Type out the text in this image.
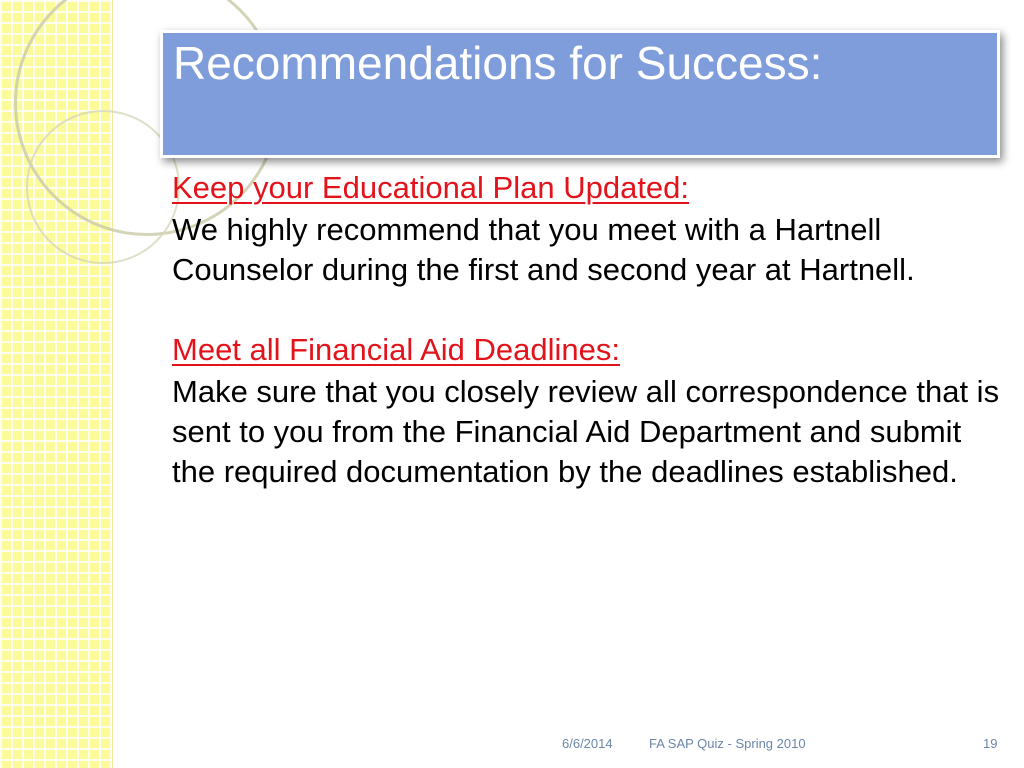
Recommendations for Success:

Keep your Educational Plan Updated:

We highly recommend that you meet with a Hartnell Counselor during the first and second year at Hartnell.

Meet all Financial Aid Deadlines:

Make sure that you closely review all correspondence that is sent to you from the Financial Aid Department and submit the required documentation by the deadlines established.

6/6/2014	FA SAP Quiz - Spring 2010	19
